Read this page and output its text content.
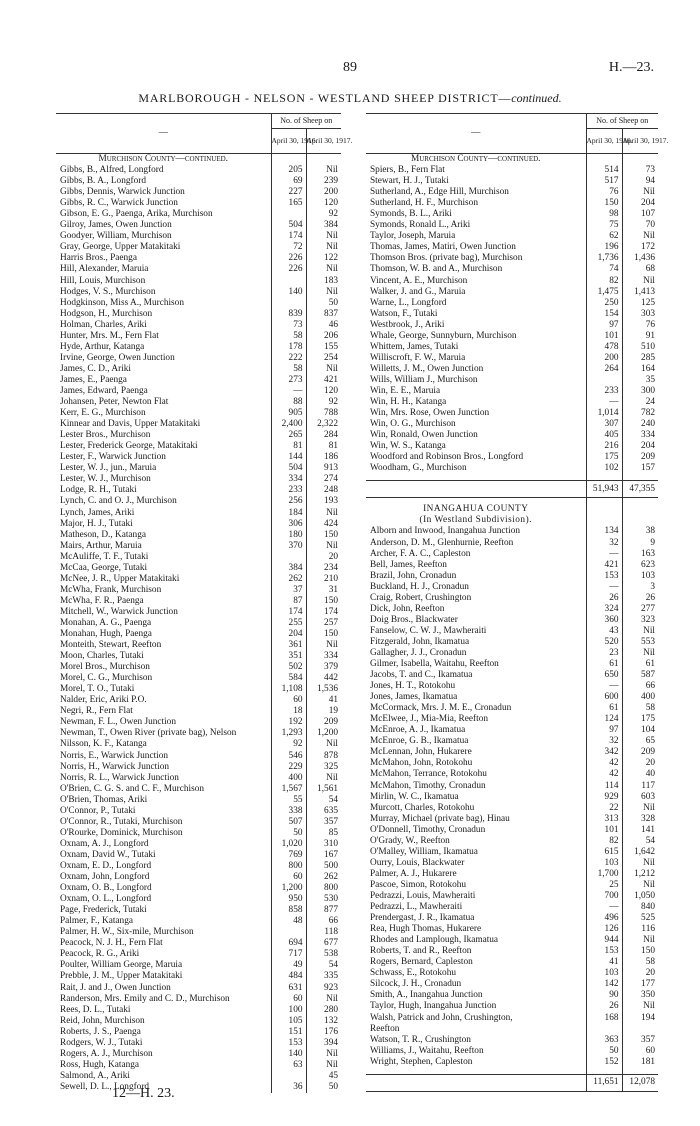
89	H.—23.
MARLBOROUGH - NELSON - WESTLAND SHEEP DISTRICT—continued.
—	No. of Sheep on	
	April 30, 1916.	April 30, 1917.
Murchison County—continued.		
Gibbs, B., Alfred, Longford	205	Nil
Gibbs, B. A., Longford	69	239
Gibbs, Dennis, Warwick Junction	227	200
Gibbs, R. C., Warwick Junction	165	120
Gibson, E. G., Paenga, Arika, Murchison		92
Gilroy, James, Owen Junction	504	384
Goodyer, William, Murchison	174	Nil
Gray, George, Upper Matakitaki	72	Nil
Harris Bros., Paenga	226	122
Hill, Alexander, Maruia	226	Nil
Hill, Louis, Murchison		183
Hodges, V. S., Murchison	140	Nil
Hodgkinson, Miss A., Murchison		50
Hodgson, H., Murchison	839	837
Holman, Charles, Ariki	73	46
Hunter, Mrs. M., Fern Flat	58	206
Hyde, Arthur, Katanga	178	155
Irvine, George, Owen Junction	222	254
James, C. D., Ariki	58	Nil
James, E., Paenga	273	421
James, Edward, Paenga	—	120
Johansen, Peter, Newton Flat	88	92
Kerr, E. G., Murchison	905	788
Kinnear and Davis, Upper Matakitaki	2,400	2,322
Lester Bros., Murchison	265	284
Lester, Frederick George, Matakitaki	81	81
Lester, F., Warwick Junction	144	186
Lester, W. J., jun., Maruia	504	913
Lester, W. J., Murchison	334	274
Lodge, R. H., Tutaki	233	248
Lynch, C. and O. J., Murchison	256	193
Lynch, James, Ariki	184	Nil
Major, H. J., Tutaki	306	424
Matheson, D., Katanga	180	150
Mairs, Arthur, Maruia	370	Nil
McAuliffe, T. F., Tutaki		20
McCaa, George, Tutaki	384	234
McNee, J. R., Upper Matakitaki	262	210
McWha, Frank, Murchison	37	31
McWha, F. R., Paenga	87	150
Mitchell, W., Warwick Junction	174	174
Monahan, A. G., Paenga	255	257
Monahan, Hugh, Paenga	204	150
Monteith, Stewart, Reefton	361	Nil
Moon, Charles, Tutaki	351	334
Morel Bros., Murchison	502	379
Morel, C. G., Murchison	584	442
Morel, T. O., Tutaki	1,108	1,536
Nalder, Eric, Ariki P.O.	60	41
Negri, R., Fern Flat	18	19
Newman, F. L., Owen Junction	192	209
Newman, T., Owen River (private bag), Nelson	1,293	1,200
Nilsson, K. F., Katanga	92	Nil
Norris, E., Warwick Junction	546	878
Norris, H., Warwick Junction	229	325
Norris, R. L., Warwick Junction	400	Nil
O'Brien, C. G. S. and C. F., Murchison	1,567	1,561
O'Brien, Thomas, Ariki	55	54
O'Connor, P., Tutaki	338	635
O'Connor, R., Tutaki, Murchison	507	357
O'Rourke, Dominick, Murchison	50	85
Oxnam, A. J., Longford	1,020	310
Oxnam, David W., Tutaki	769	167
Oxnam, E. D., Longford	800	500
Oxnam, John, Longford	60	262
Oxnam, O. B., Longford	1,200	800
Oxnam, O. L., Longford	950	530
Page, Frederick, Tutaki	858	877
Palmer, F., Katanga	48	66
Palmer, H. W., Six-mile, Murchison		118
Peacock, N. J. H., Fern Flat	694	677
Peacock, R. G., Ariki	717	538
Poulter, William George, Maruia	49	54
Prebble, J. M., Upper Matakitaki	484	335
Rait, J. and J., Owen Junction	631	923
Randerson, Mrs. Emily and C. D., Murchison	60	Nil
Rees, D. L., Tutaki	100	280
Reid, John, Murchison	105	132
Roberts, J. S., Paenga	151	176
Rodgers, W. J., Tutaki	153	394
Rogers, A. J., Murchison	140	Nil
Ross, Hugh, Katanga	63	Nil
Salmond, A., Ariki		45
Sewell, D. L., Longford	36	50
—	No. of Sheep on	
	April 30, 1916.	April 30, 1917.
Murchison County—continued.		
Spiers, B., Fern Flat	514	73
Stewart, H. J., Tutaki	517	94
Sutherland, A., Edge Hill, Murchison	76	Nil
Sutherland, H. F., Murchison	150	204
Symonds, B. L., Ariki	98	107
Symonds, Ronald L., Ariki	75	70
Taylor, Joseph, Maruia	62	Nil
Thomas, James, Matiri, Owen Junction	196	172
Thomson Bros. (private bag), Murchison	1,736	1,436
Thomson, W. B. and A., Murchison	74	68
Vincent, A. E., Murchison	82	Nil
Walker, J. and G., Maruia	1,475	1,413
Warne, L., Longford	250	125
Watson, F., Tutaki	154	303
Westbrook, J., Ariki	97	76
Whale, George, Sunnyburn, Murchison	101	91
Whittem, James, Tutaki	478	510
Williscroft, F. W., Maruia	200	285
Willetts, J. M., Owen Junction	264	164
Wills, William J., Murchison		35
Win, E. E., Maruia	233	300
Win, H. H., Katanga	—	24
Win, Mrs. Rose, Owen Junction	1,014	782
Win, O. G., Murchison	307	240
Win, Ronald, Owen Junction	405	334
Win, W. S., Katanga	216	204
Woodford and Robinson Bros., Longford	175	209
Woodham, G., Murchison	102	157

	51,943	47,355

INANGAHUA COUNTY		
(In Westland Subdivision).		
Alborn and Inwood, Inangahua Junction	134	38
Anderson, D. M., Glenhurnie, Reefton	32	9
Archer, F. A. C., Capleston	—	163
Bell, James, Reefton	421	623
Brazil, John, Cronadun	153	103
Buckland, H. J., Cronadun	—	3
Craig, Robert, Crushington	26	26
Dick, John, Reefton	324	277
Doig Bros., Blackwater	360	323
Fanselow, C. W. J., Mawheraiti	43	Nil
Fitzgerald, John, Ikamatua	520	553
Gallagher, J. J., Cronadun	23	Nil
Gilmer, Isabella, Waitahu, Reefton	61	61
Jacobs, T. and C., Ikamatua	650	587
Jones, H. T., Rotokohu	—	66
Jones, James, Ikamatua	600	400
McCormack, Mrs. J. M. E., Cronadun	61	58
McElwee, J., Mia-Mia, Reefton	124	175
McEnroe, A. J., Ikamatua	97	104
McEnroe, G. B., Ikamatua	32	65
McLennan, John, Hukarere	342	209
McMahon, John, Rotokohu	42	20
McMahon, Terrance, Rotokohu	42	40
McMahon, Timothy, Cronadun	114	117
Mirlin, W. C., Ikamatua	929	603
Murcott, Charles, Rotokohu	22	Nil
Murray, Michael (private bag), Hinau	313	328
O'Donnell, Timothy, Cronadun	101	141
O'Grady, W., Reefton	82	54
O'Malley, William, Ikamatua	615	1,642
Ourry, Louis, Blackwater	103	Nil
Palmer, A. J., Hukarere	1,700	1,212
Pascoe, Simon, Rotokohu	25	Nil
Pedrazzi, Louis, Mawheraiti	700	1,050
Pedrazzi, L., Mawheraiti	—	840
Prendergast, J. R., Ikamatua	496	525
Rea, Hugh Thomas, Hukarere	126	116
Rhodes and Lamplough, Ikamatua	944	Nil
Roberts, T. and R., Reefton	153	150
Rogers, Bernard, Capleston	41	58
Schwass, E., Rotokohu	103	20
Silcock, J. H., Cronadun	142	177
Smith, A., Inangahua Junction	90	350
Taylor, Hugh, Inangahua Junction	26	Nil
Walsh, Patrick and John, Crushington,	168	194
Reefton		
Watson, T. R., Crushington	363	357
Williams, J., Waitahu, Reefton	50	60
Wright, Stephen, Capleston	152	181

	11,651	12,078
12—H. 23.
